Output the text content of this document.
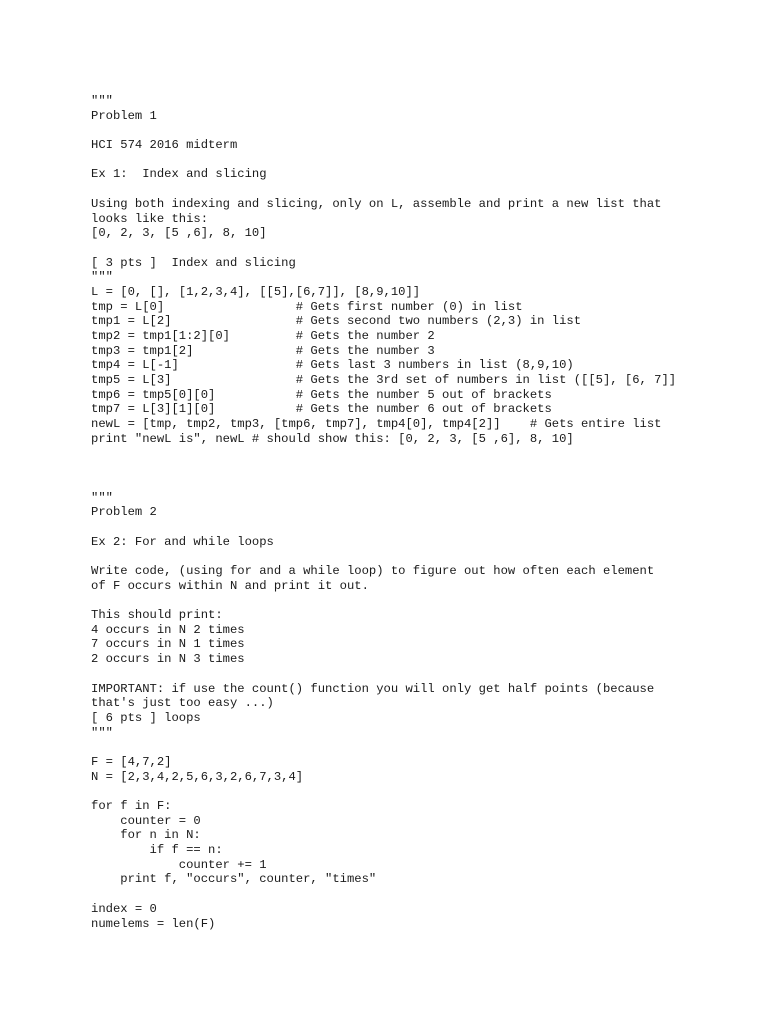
"""
Problem 1
HCI 574 2016 midterm
Ex 1:  Index and slicing
Using both indexing and slicing, only on L, assemble and print a new list that
looks like this:
[0, 2, 3, [5 ,6], 8, 10]
[ 3 pts ]  Index and slicing
"""
L = [0, [], [1,2,3,4], [[5],[6,7]], [8,9,10]]
tmp = L[0]                  # Gets first number (0) in list
tmp1 = L[2]                 # Gets second two numbers (2,3) in list
tmp2 = tmp1[1:2][0]         # Gets the number 2
tmp3 = tmp1[2]              # Gets the number 3
tmp4 = L[-1]                # Gets last 3 numbers in list (8,9,10)
tmp5 = L[3]                 # Gets the 3rd set of numbers in list ([[5], [6, 7]]
tmp6 = tmp5[0][0]           # Gets the number 5 out of brackets
tmp7 = L[3][1][0]           # Gets the number 6 out of brackets
newL = [tmp, tmp2, tmp3, [tmp6, tmp7], tmp4[0], tmp4[2]]    # Gets entire list
print "newL is", newL # should show this: [0, 2, 3, [5 ,6], 8, 10]
"""
Problem 2
Ex 2: For and while loops
Write code, (using for and a while loop) to figure out how often each element
of F occurs within N and print it out.
This should print:
4 occurs in N 2 times
7 occurs in N 1 times
2 occurs in N 3 times
IMPORTANT: if use the count() function you will only get half points (because
that's just too easy ...)
[ 6 pts ] loops
"""
F = [4,7,2]
N = [2,3,4,2,5,6,3,2,6,7,3,4]
for f in F:
counter = 0
for n in N:
if f == n:
counter += 1
print f, "occurs", counter, "times"
index = 0
numelems = len(F)
